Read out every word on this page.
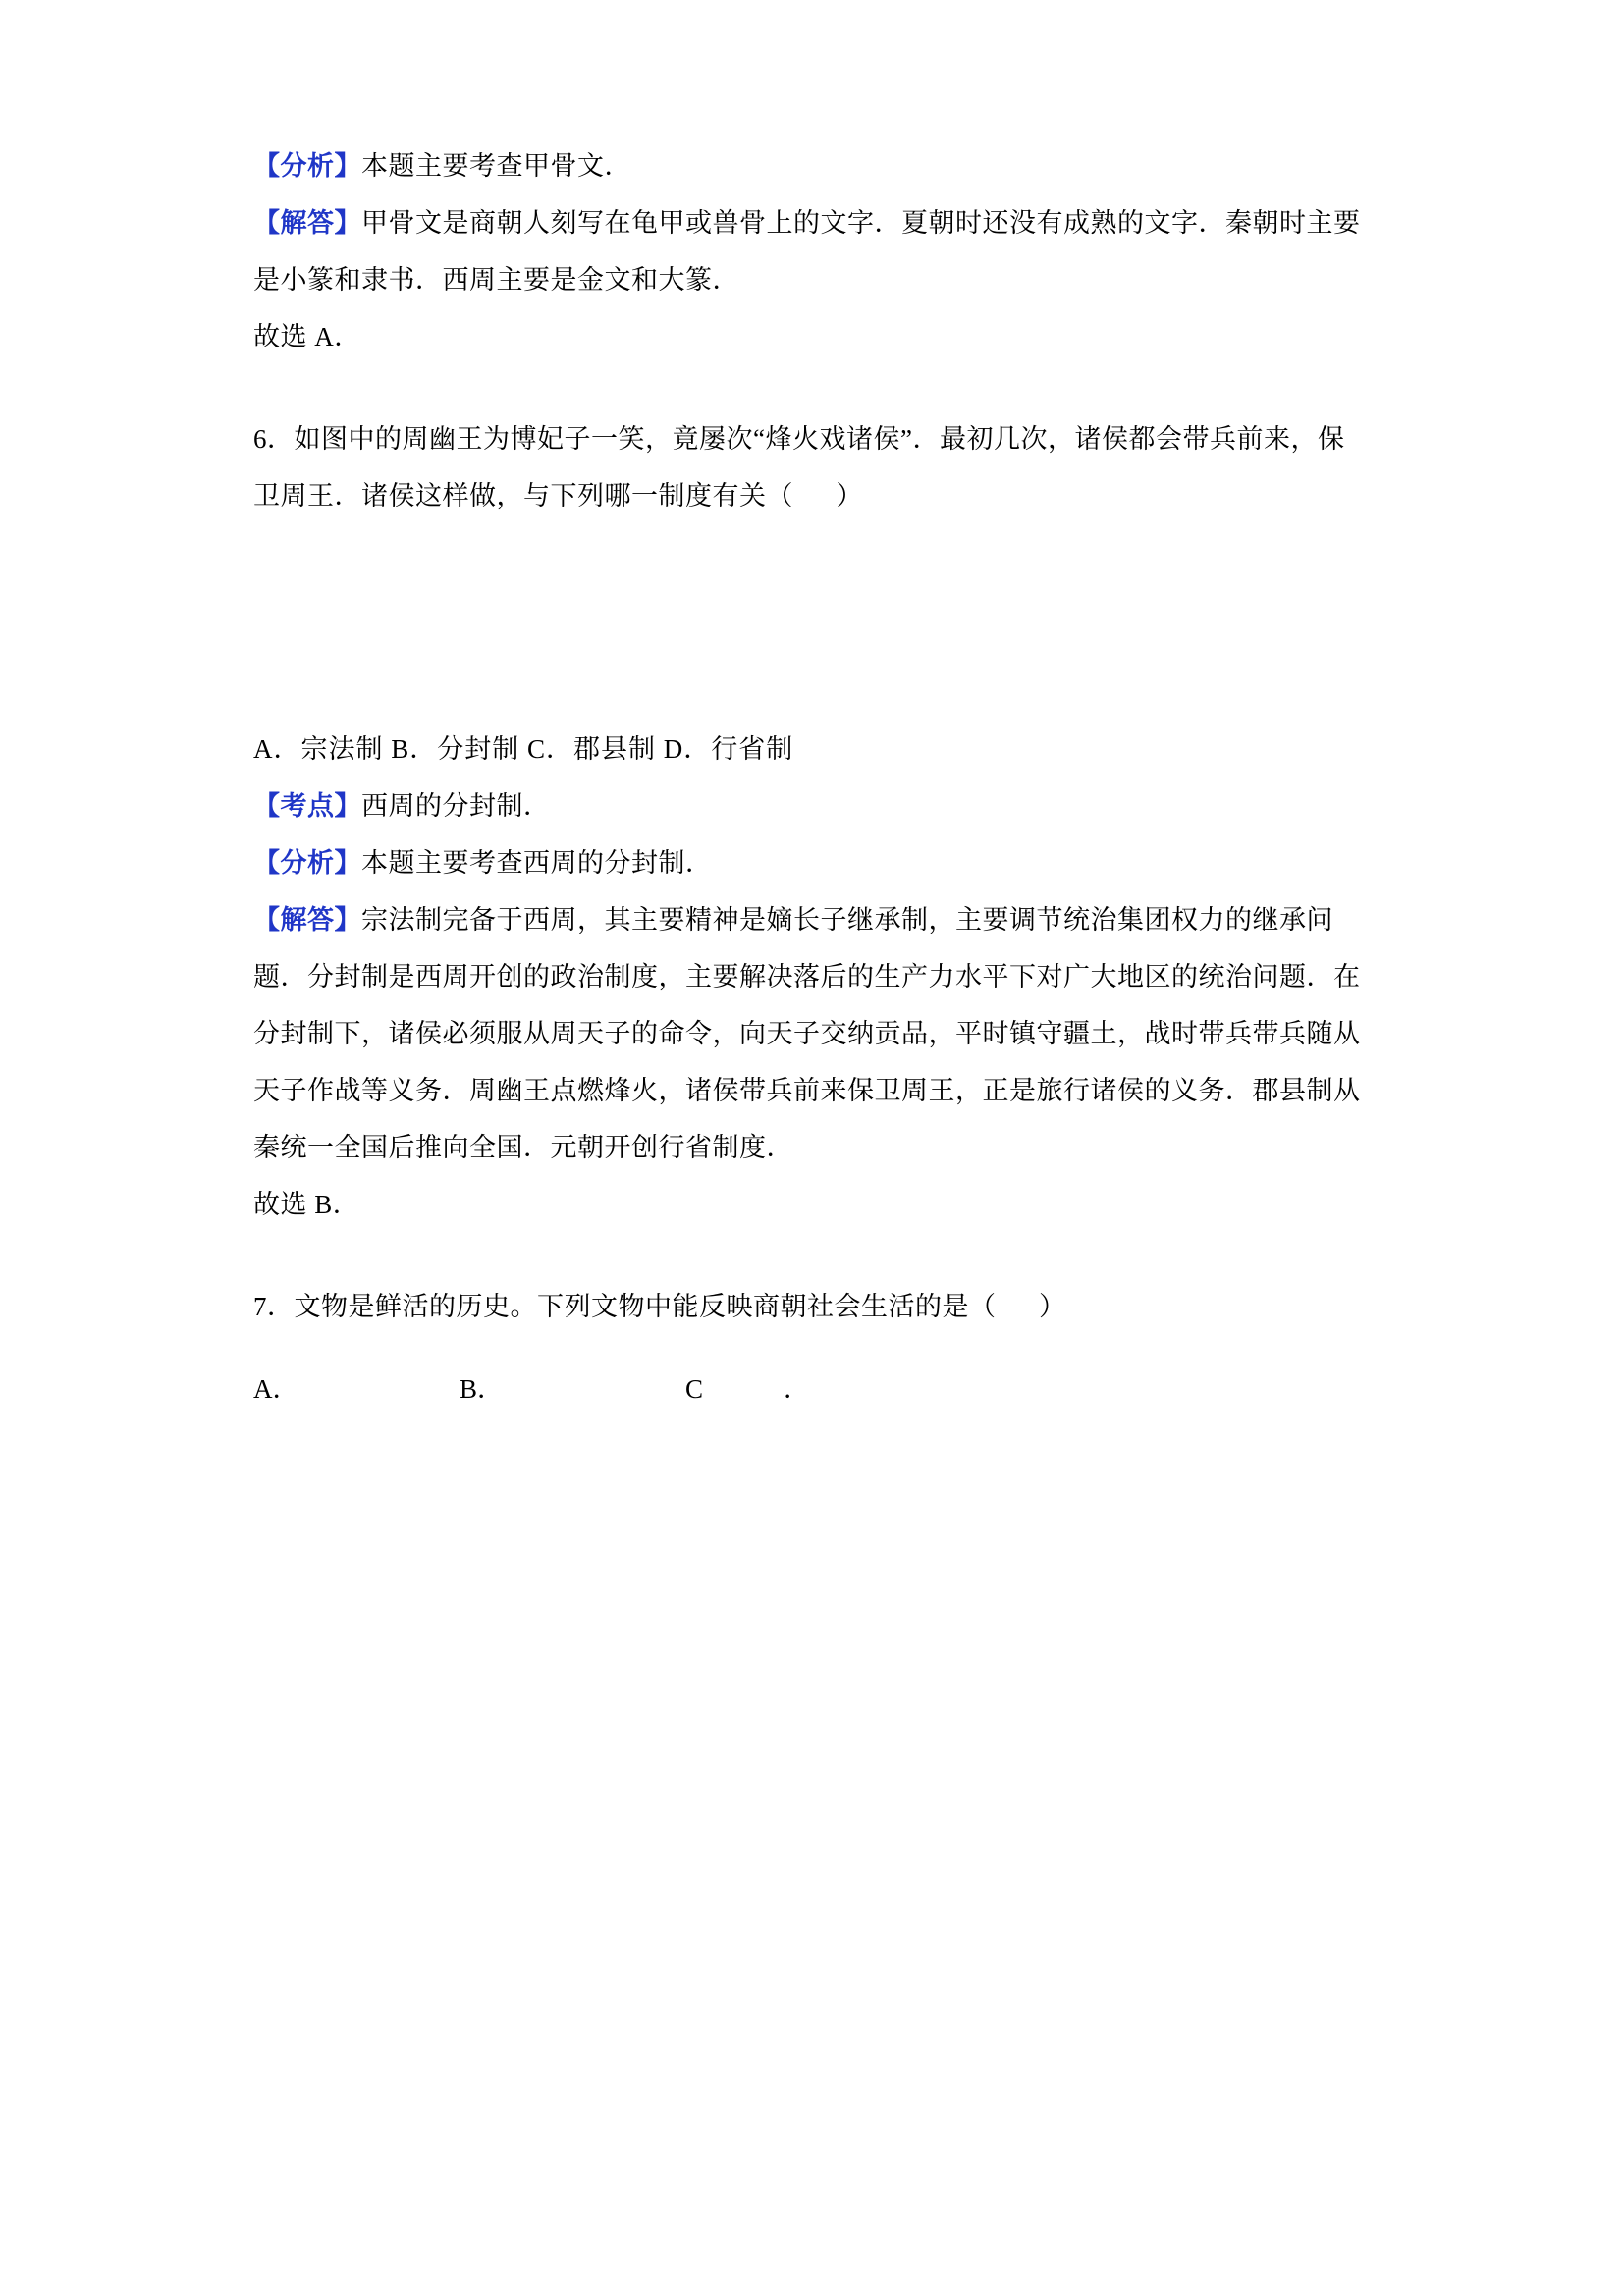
【分析】本题主要考查甲骨文．
【解答】甲骨文是商朝人刻写在龟甲或兽骨上的文字．夏朝时还没有成熟的文字．秦朝时主要是小篆和隶书．西周主要是金文和大篆．
故选 A．
6．如图中的周幽王为博妃子一笑，竟屡次“烽火戏诸侯”．最初几次，诸侯都会带兵前来，保卫周王．诸侯这样做，与下列哪一制度有关（      ）
A．宗法制 B．分封制 C．郡县制 D．行省制
【考点】西周的分封制．
【分析】本题主要考查西周的分封制．
【解答】宗法制完备于西周，其主要精神是嫡长子继承制，主要调节统治集团权力的继承问题．分封制是西周开创的政治制度，主要解决落后的生产力水平下对广大地区的统治问题．在分封制下，诸侯必须服从周天子的命令，向天子交纳贡品，平时镇守疆土，战时带兵带兵随从天子作战等义务．周幽王点燃烽火，诸侯带兵前来保卫周王，正是旅行诸侯的义务．郡县制从秦统一全国后推向全国．元朝开创行省制度．
故选 B．
7．文物是鲜活的历史。下列文物中能反映商朝社会生活的是（      ）
A．	B．	C	．
